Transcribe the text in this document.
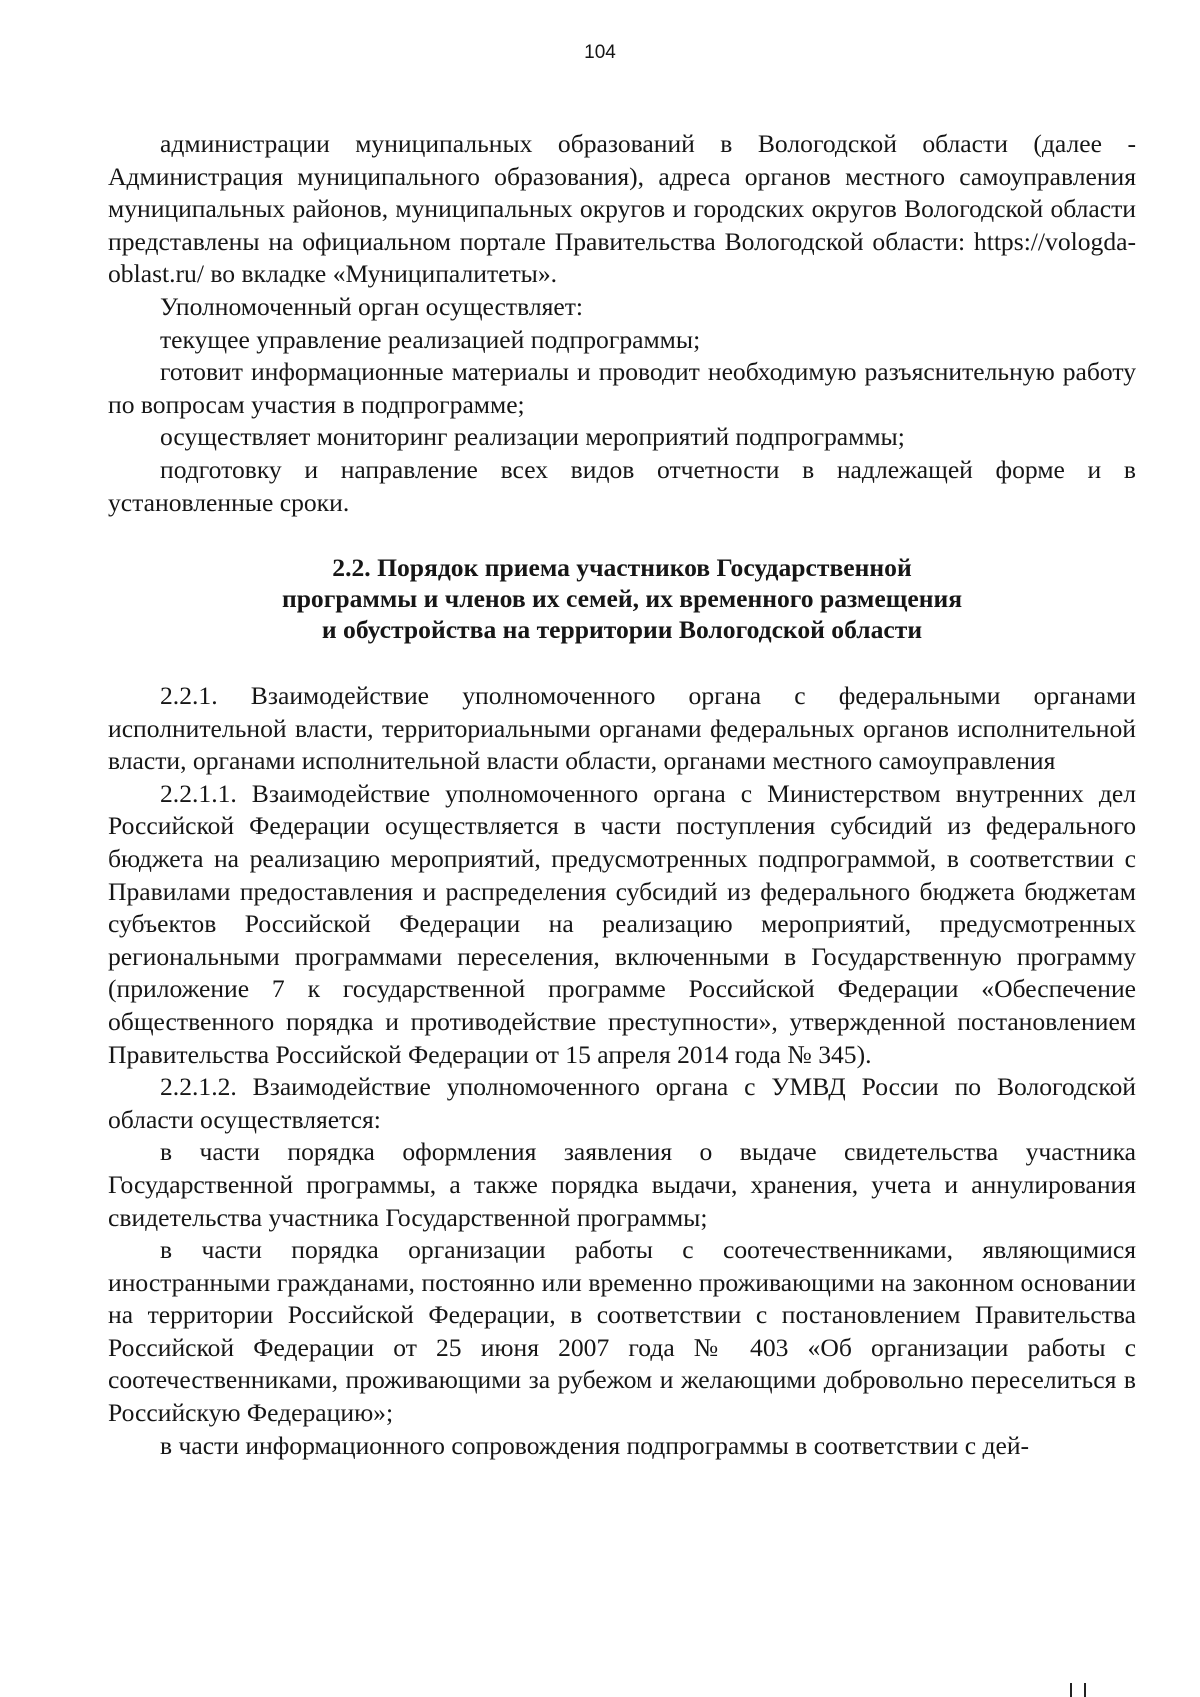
104

администрации муниципальных образований в Вологодской области (далее - Администрация муниципального образования), адреса органов местного самоуправления муниципальных районов, муниципальных округов и городских округов Вологодской области представлены на официальном портале Правительства Вологодской области: https://vologda-oblast.ru/ во вкладке «Муниципалитеты».

Уполномоченный орган осуществляет:

текущее управление реализацией подпрограммы;

готовит информационные материалы и проводит необходимую разъяснительную работу по вопросам участия в подпрограмме;

осуществляет мониторинг реализации мероприятий подпрограммы;

подготовку и направление всех видов отчетности в надлежащей форме и в установленные сроки.

2.2. Порядок приема участников Государственной
программы и членов их семей, их временного размещения
и обустройства на территории Вологодской области

2.2.1. Взаимодействие уполномоченного органа с федеральными органами исполнительной власти, территориальными органами федеральных органов исполнительной власти, органами исполнительной власти области, органами местного самоуправления

2.2.1.1. Взаимодействие уполномоченного органа с Министерством внутренних дел Российской Федерации осуществляется в части поступления субсидий из федерального бюджета на реализацию мероприятий, предусмотренных подпрограммой, в соответствии с Правилами предоставления и распределения субсидий из федерального бюджета бюджетам субъектов Российской Федерации на реализацию мероприятий, предусмотренных региональными программами переселения, включенными в Государственную программу (приложение 7 к государственной программе Российской Федерации «Обеспечение общественного порядка и противодействие преступности», утвержденной постановлением Правительства Российской Федерации от 15 апреля 2014 года № 345).

2.2.1.2. Взаимодействие уполномоченного органа с УМВД России по Вологодской области осуществляется:

в части порядка оформления заявления о выдаче свидетельства участника Государственной программы, а также порядка выдачи, хранения, учета и аннулирования свидетельства участника Государственной программы;

в части порядка организации работы с соотечественниками, являющимися иностранными гражданами, постоянно или временно проживающими на законном основании на территории Российской Федерации, в соответствии с постановлением Правительства Российской Федерации от 25 июня 2007 года № 403 «Об организации работы с соотечественниками, проживающими за рубежом и желающими добровольно переселиться в Российскую Федерацию»;

в части информационного сопровождения подпрограммы в соответствии с дей-
